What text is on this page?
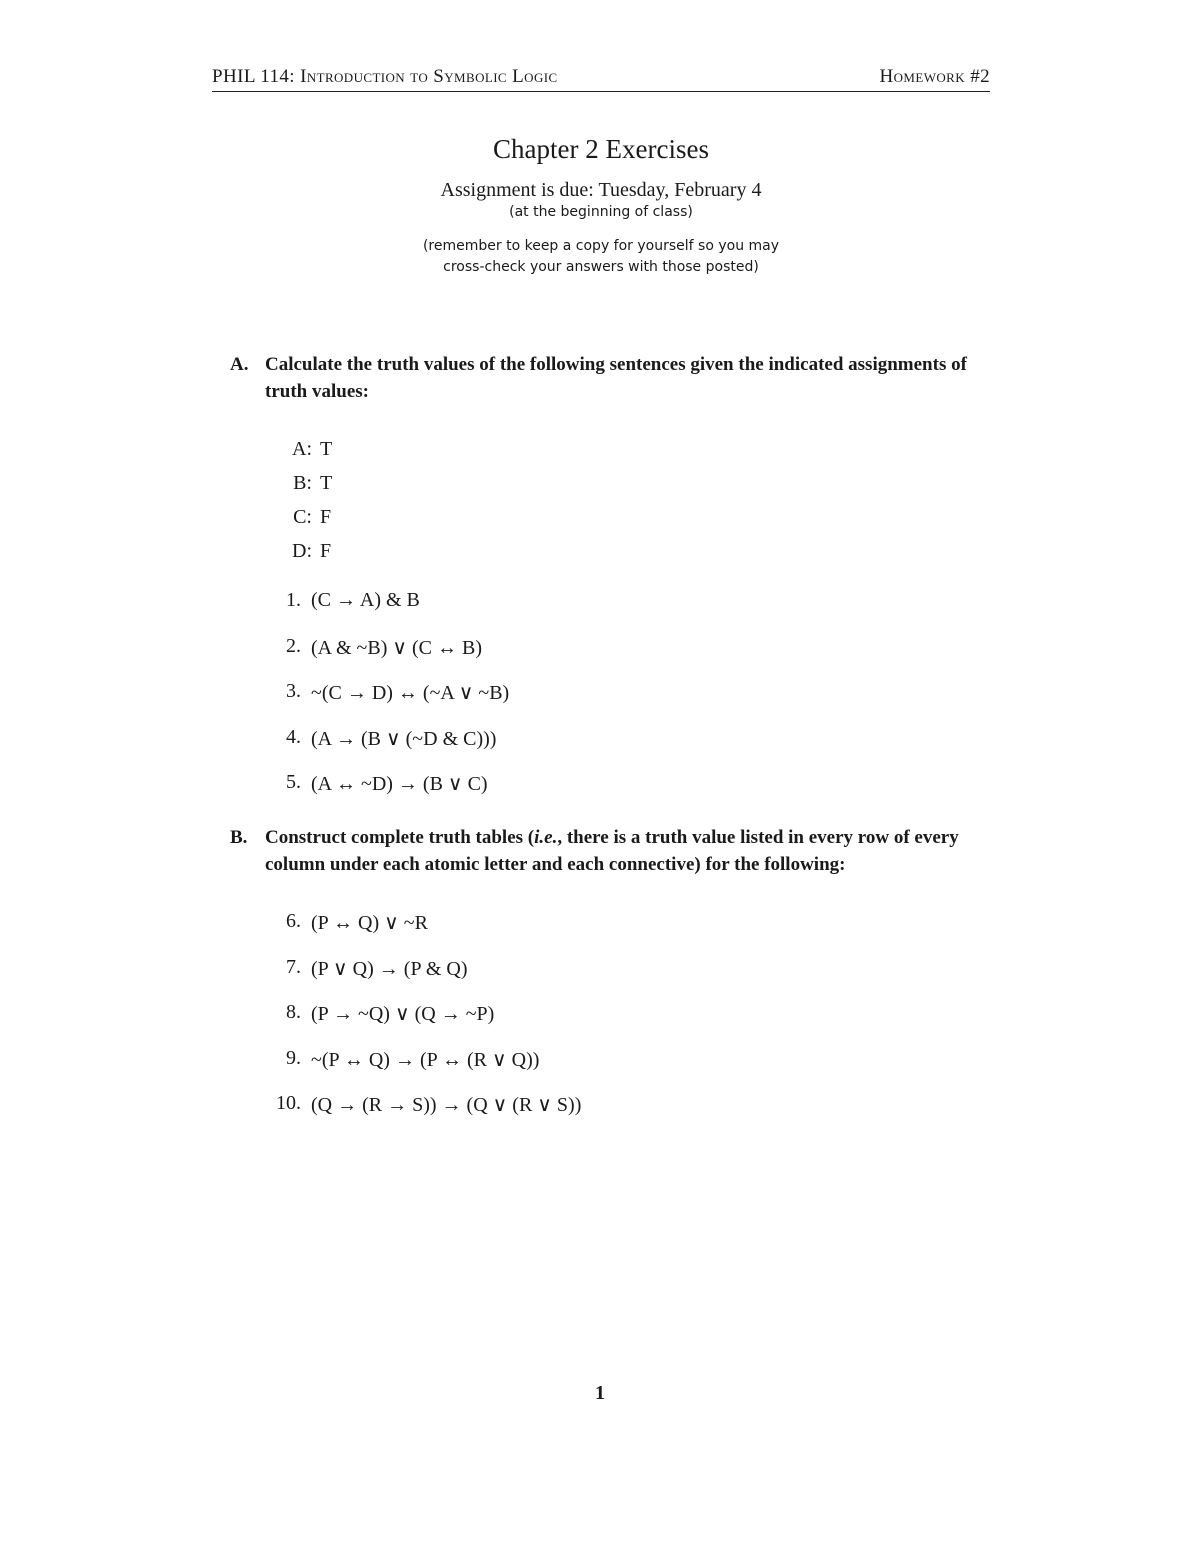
PHIL 114: Introduction to Symbolic Logic	Homework #2
Chapter 2 Exercises
Assignment is due: Tuesday, February 4
(at the beginning of class)
(remember to keep a copy for yourself so you may
cross-check your answers with those posted)
A. Calculate the truth values of the following sentences given the indicated assignments of truth values:
A: T
B: T
C: F
D: F
1. (C → A) & B
2. (A & ~B) ∨ (C ↔ B)
3. ~(C → D) ↔ (~A ∨ ~B)
4. (A → (B ∨ (~D & C)))
5. (A ↔ ~D) → (B ∨ C)
B. Construct complete truth tables (i.e., there is a truth value listed in every row of every column under each atomic letter and each connective) for the following:
6. (P ↔ Q) ∨ ~R
7. (P ∨ Q) → (P & Q)
8. (P → ~Q) ∨ (Q → ~P)
9. ~(P ↔ Q) → (P ↔ (R ∨ Q))
10. (Q → (R → S)) → (Q ∨ (R ∨ S))
1
